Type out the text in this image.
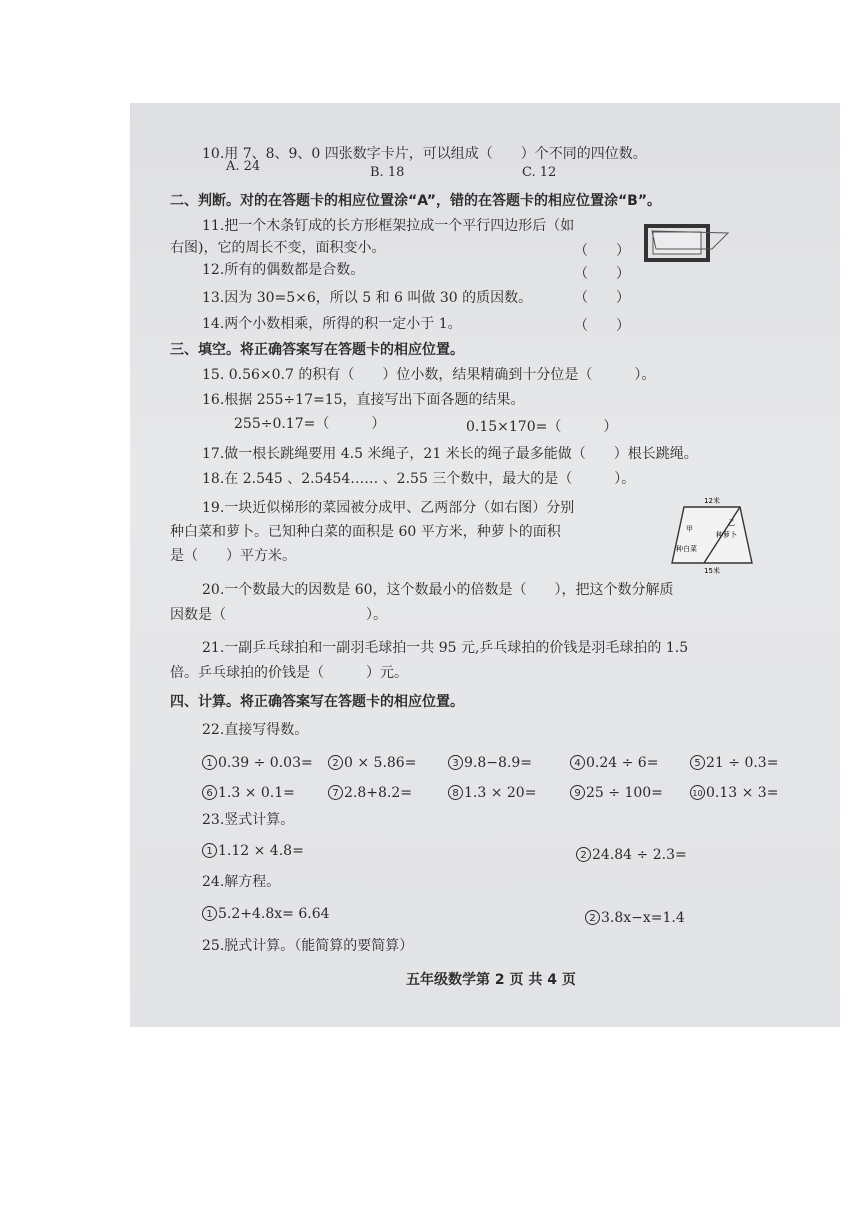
10.用 7、8、9、0 四张数字卡片，可以组成（　　）个不同的四位数。
A. 24	B. 18	C. 12
二、判断。对的在答题卡的相应位置涂“A”，错的在答题卡的相应位置涂“B”。
11.把一个木条钉成的长方形框架拉成一个平行四边形后（如
右图)，它的周长不变，面积变小。	（　　）
12.所有的偶数都是合数。	（　　）
13.因为 30=5×6，所以 5 和 6 叫做 30 的质因数。	（　　）
14.两个小数相乘，所得的积一定小于 1。	（　　）
三、填空。将正确答案写在答题卡的相应位置。
15. 0.56×0.7 的积有（　　）位小数，结果精确到十分位是（　　　）。
16.根据 255÷17=15，直接写出下面各题的结果。
255÷0.17=（　　　）	0.15×170=（　　　）
17.做一根长跳绳要用 4.5 米绳子，21 米长的绳子最多能做（　　）根长跳绳。
18.在 2.545 、2.5454…… 、2.55 三个数中，最大的是（　　　）。
19.一块近似梯形的菜园被分成甲、乙两部分（如右图）分别
种白菜和萝卜。已知种白菜的面积是 60 平方米，种萝卜的面积
是（　　）平方米。
12米
15米
甲
乙
种萝卜
种白菜
20.一个数最大的因数是 60，这个数最小的倍数是（　　），把这个数分解质
因数是（　　　　　　　　　　）。
21.一副乒乓球拍和一副羽毛球拍一共 95 元,乒乓球拍的价钱是羽毛球拍的 1.5
倍。乒乓球拍的价钱是（　　　）元。
四、计算。将正确答案写在答题卡的相应位置。
22.直接写得数。
1 0.39 ÷ 0.03=	2 0 × 5.86=	3 9.8−8.9=	4 0.24 ÷ 6=	5 21 ÷ 0.3=
6 1.3 × 0.1=	7 2.8+8.2=	8 1.3 × 20=	9 25 ÷ 100=	10 0.13 × 3=
23.竖式计算。
1 1.12 × 4.8=	2 24.84 ÷ 2.3=
24.解方程。
1 5.2+4.8x= 6.64	2 3.8x−x=1.4
25.脱式计算。（能简算的要简算）
五年级数学第 2 页 共 4 页
